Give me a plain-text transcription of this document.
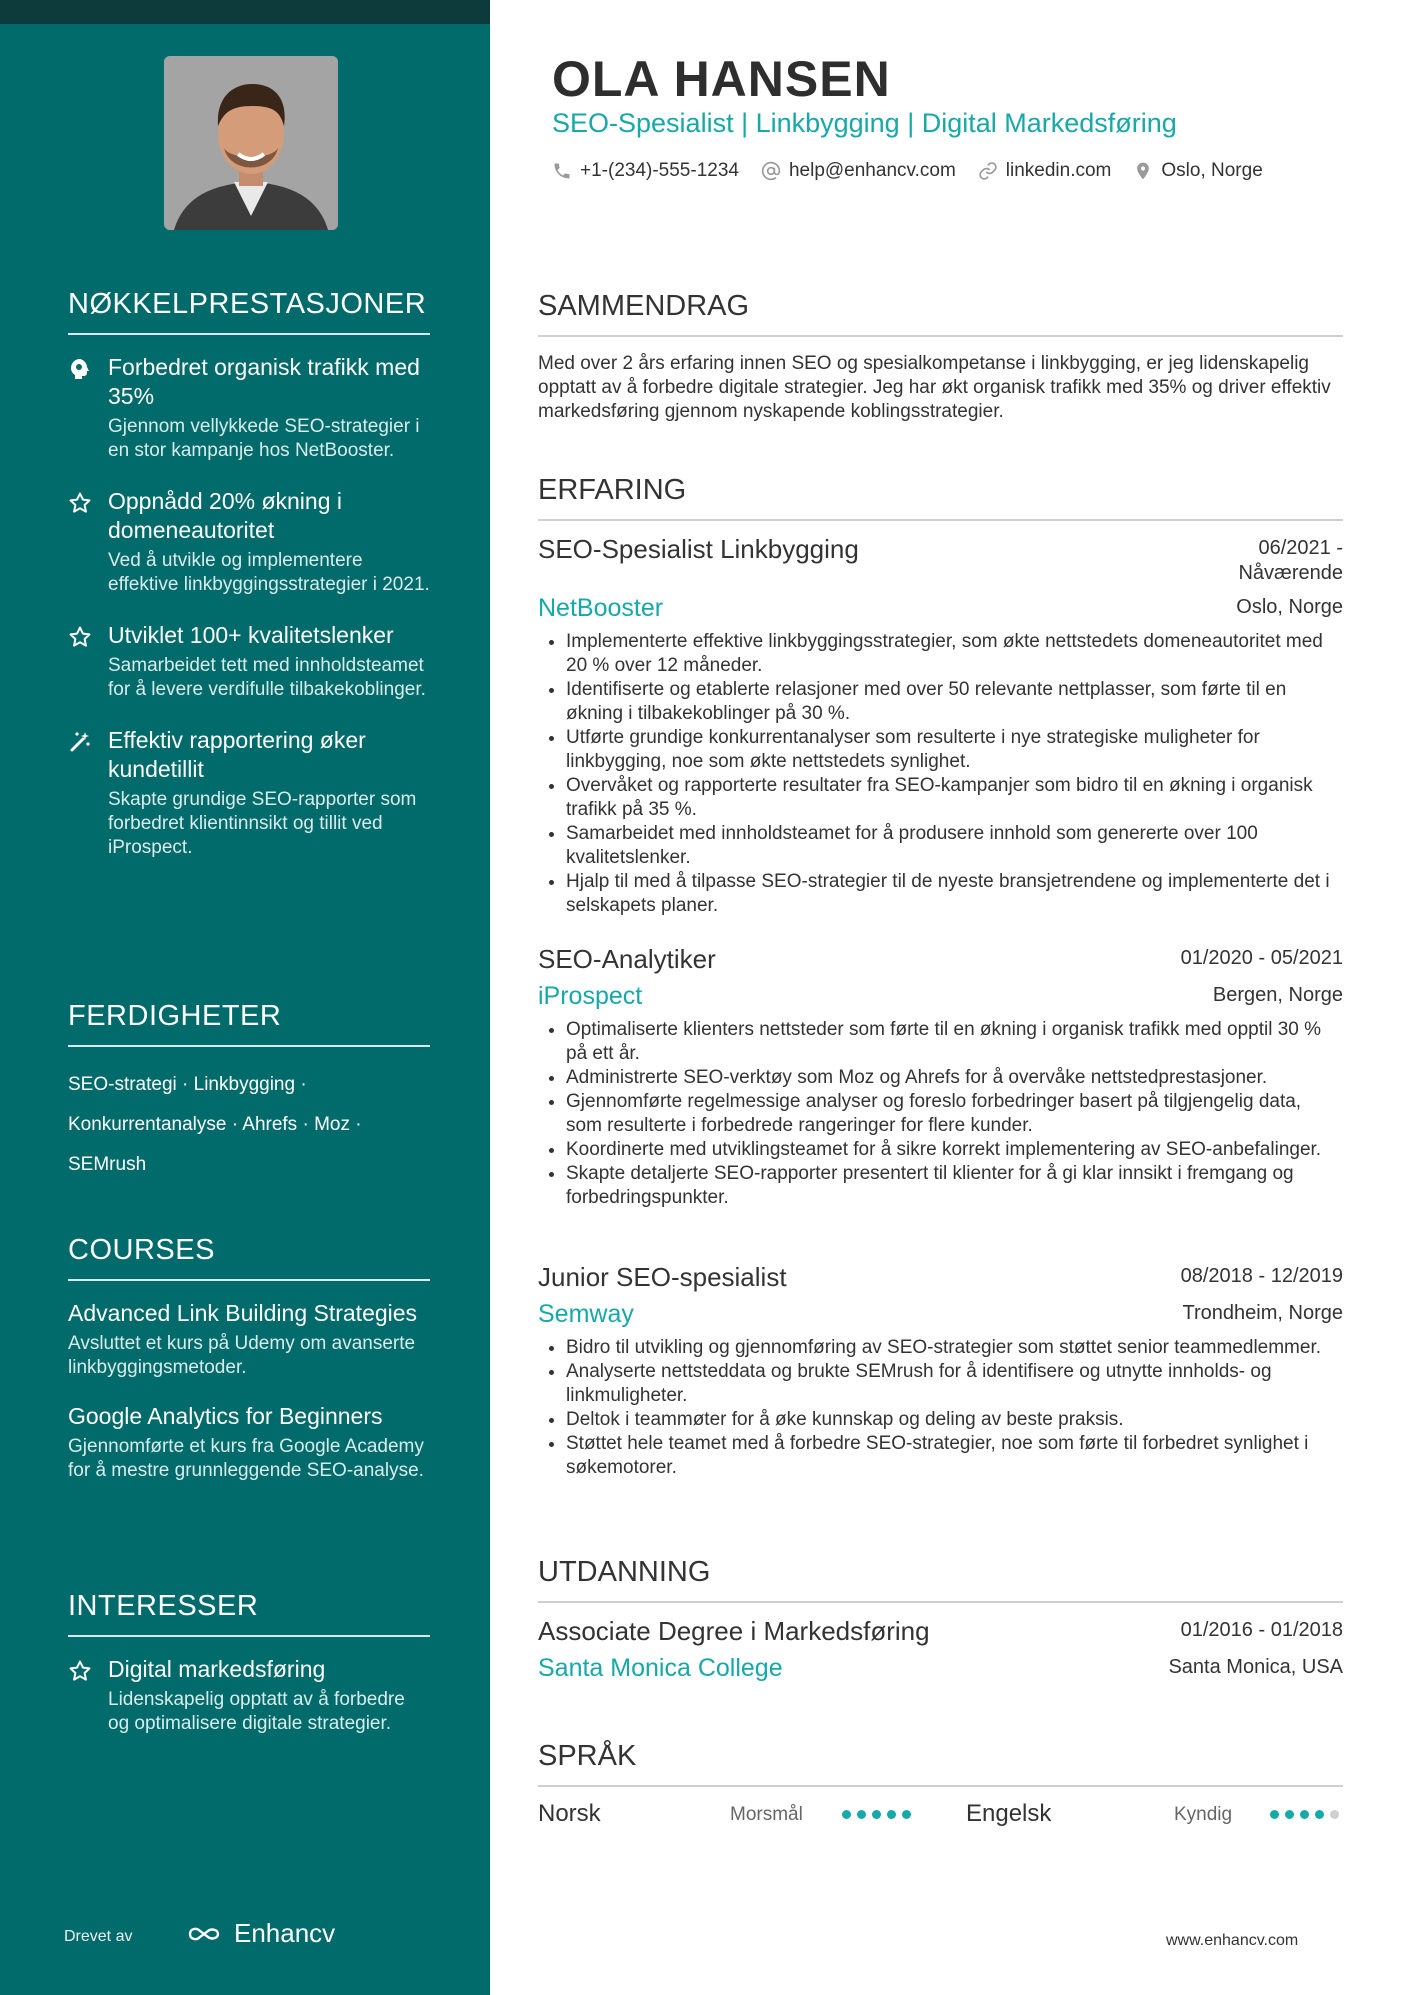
NØKKELPRESTASJONER
Forbedret organisk trafikk med 35%
Gjennom vellykkede SEO-strategier i en stor kampanje hos NetBooster.
Oppnådd 20% økning i domeneautoritet
Ved å utvikle og implementere effektive linkbyggingsstrategier i 2021.
Utviklet 100+ kvalitetslenker
Samarbeidet tett med innholdsteamet for å levere verdifulle tilbakekoblinger.
Effektiv rapportering øker kundetillit
Skapte grundige SEO-rapporter som forbedret klientinnsikt og tillit ved iProspect.
FERDIGHETER
SEO-strategi · Linkbygging ·
Konkurrentanalyse · Ahrefs · Moz ·
SEMrush
COURSES
Advanced Link Building Strategies
Avsluttet et kurs på Udemy om avanserte linkbyggingsmetoder.
Google Analytics for Beginners
Gjennomførte et kurs fra Google Academy for å mestre grunnleggende SEO-analyse.
INTERESSER
Digital markedsføring
Lidenskapelig opptatt av å forbedre og optimalisere digitale strategier.
Drevet av	Enhancv
OLA HANSEN
SEO-Spesialist | Linkbygging | Digital Markedsføring
+1-(234)-555-1234	help@enhancv.com	linkedin.com	Oslo, Norge
SAMMENDRAG
Med over 2 års erfaring innen SEO og spesialkompetanse i linkbygging, er jeg lidenskapelig opptatt av å forbedre digitale strategier. Jeg har økt organisk trafikk med 35% og driver effektiv markedsføring gjennom nyskapende koblingsstrategier.
ERFARING
SEO-Spesialist Linkbygging	06/2021 - Nåværende
NetBooster	Oslo, Norge
• Implementerte effektive linkbyggingsstrategier, som økte nettstedets domeneautoritet med 20 % over 12 måneder.
• Identifiserte og etablerte relasjoner med over 50 relevante nettplasser, som førte til en økning i tilbakekoblinger på 30 %.
• Utførte grundige konkurrentanalyser som resulterte i nye strategiske muligheter for linkbygging, noe som økte nettstedets synlighet.
• Overvåket og rapporterte resultater fra SEO-kampanjer som bidro til en økning i organisk trafikk på 35 %.
• Samarbeidet med innholdsteamet for å produsere innhold som genererte over 100 kvalitetslenker.
• Hjalp til med å tilpasse SEO-strategier til de nyeste bransjetrendene og implementerte det i selskapets planer.
SEO-Analytiker	01/2020 - 05/2021
iProspect	Bergen, Norge
• Optimaliserte klienters nettsteder som førte til en økning i organisk trafikk med opptil 30 % på ett år.
• Administrerte SEO-verktøy som Moz og Ahrefs for å overvåke nettstedprestasjoner.
• Gjennomførte regelmessige analyser og foreslo forbedringer basert på tilgjengelig data, som resulterte i forbedrede rangeringer for flere kunder.
• Koordinerte med utviklingsteamet for å sikre korrekt implementering av SEO-anbefalinger.
• Skapte detaljerte SEO-rapporter presentert til klienter for å gi klar innsikt i fremgang og forbedringspunkter.
Junior SEO-spesialist	08/2018 - 12/2019
Semway	Trondheim, Norge
• Bidro til utvikling og gjennomføring av SEO-strategier som støttet senior teammedlemmer.
• Analyserte nettsteddata og brukte SEMrush for å identifisere og utnytte innholds- og linkmuligheter.
• Deltok i teammøter for å øke kunnskap og deling av beste praksis.
• Støttet hele teamet med å forbedre SEO-strategier, noe som førte til forbedret synlighet i søkemotorer.
UTDANNING
Associate Degree i Markedsføring	01/2016 - 01/2018
Santa Monica College	Santa Monica, USA
SPRÅK
Norsk	Morsmål	Engelsk	Kyndig
www.enhancv.com
